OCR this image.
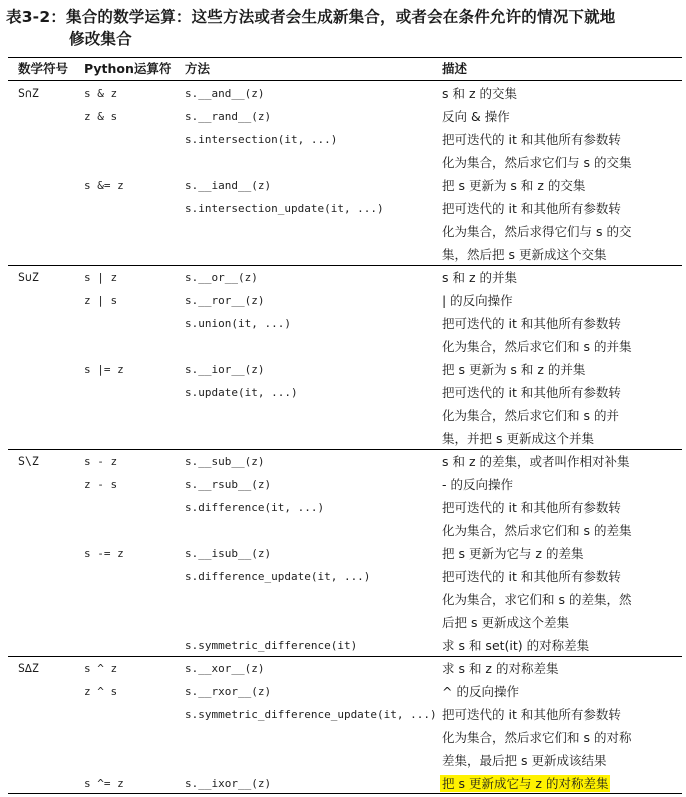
表3-2：集合的数学运算：这些方法或者会生成新集合，或者会在条件允许的情况下就地
修改集合
数学符号 Python运算符 方法	描述
S∩Z	s & z	s.__and__(z)	s 和 z 的交集
z & s	s.__rand__(z)	反向 & 操作
s.intersection(it, ...)	把可迭代的 it 和其他所有参数转
化为集合，然后求它们与 s 的交集
s &= z	s.__iand__(z)	把 s 更新为 s 和 z 的交集
s.intersection_update(it, ...)	把可迭代的 it 和其他所有参数转
化为集合，然后求得它们与 s 的交
集，然后把 s 更新成这个交集
S∪Z	s | z	s.__or__(z)	s 和 z 的并集
z | s	s.__ror__(z)	| 的反向操作
s.union(it, ...)	把可迭代的 it 和其他所有参数转
化为集合，然后求它们和 s 的并集
s |= z	s.__ior__(z)	把 s 更新为 s 和 z 的并集
s.update(it, ...)	把可迭代的 it 和其他所有参数转
化为集合，然后求它们和 s 的并
集，并把 s 更新成这个并集
S\Z	s - z	s.__sub__(z)	s 和 z 的差集，或者叫作相对补集
z - s	s.__rsub__(z)	- 的反向操作
s.difference(it, ...)	把可迭代的 it 和其他所有参数转
化为集合，然后求它们和 s 的差集
s -= z	s.__isub__(z)	把 s 更新为它与 z 的差集
s.difference_update(it, ...)	把可迭代的 it 和其他所有参数转
化为集合，求它们和 s 的差集，然
后把 s 更新成这个差集
s.symmetric_difference(it)	求 s 和 set(it) 的对称差集
S∆Z	s ^ z	s.__xor__(z)	求 s 和 z 的对称差集
z ^ s	s.__rxor__(z)	^ 的反向操作
s.symmetric_difference_update(it, ...) 把可迭代的 it 和其他所有参数转
化为集合，然后求它们和 s 的对称
差集，最后把 s 更新成该结果
s ^= z	s.__ixor__(z)	把 s 更新成它与 z 的对称差集
